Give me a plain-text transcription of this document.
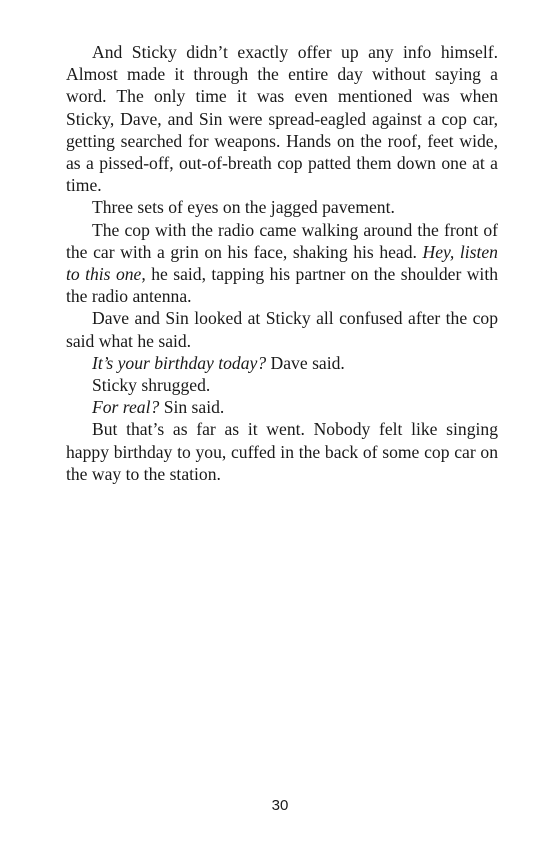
And Sticky didn’t exactly offer up any info himself. Almost made it through the entire day without saying a word. The only time it was even mentioned was when Sticky, Dave, and Sin were spread-eagled against a cop car, getting searched for weapons. Hands on the roof, feet wide, as a pissed-off, out-of-breath cop patted them down one at a time.

Three sets of eyes on the jagged pavement.

The cop with the radio came walking around the front of the car with a grin on his face, shaking his head. Hey, listen to this one, he said, tapping his partner on the shoulder with the radio antenna.

Dave and Sin looked at Sticky all confused after the cop said what he said.

It’s your birthday today? Dave said.

Sticky shrugged.

For real? Sin said.

But that’s as far as it went. Nobody felt like singing happy birthday to you, cuffed in the back of some cop car on the way to the station.

30
